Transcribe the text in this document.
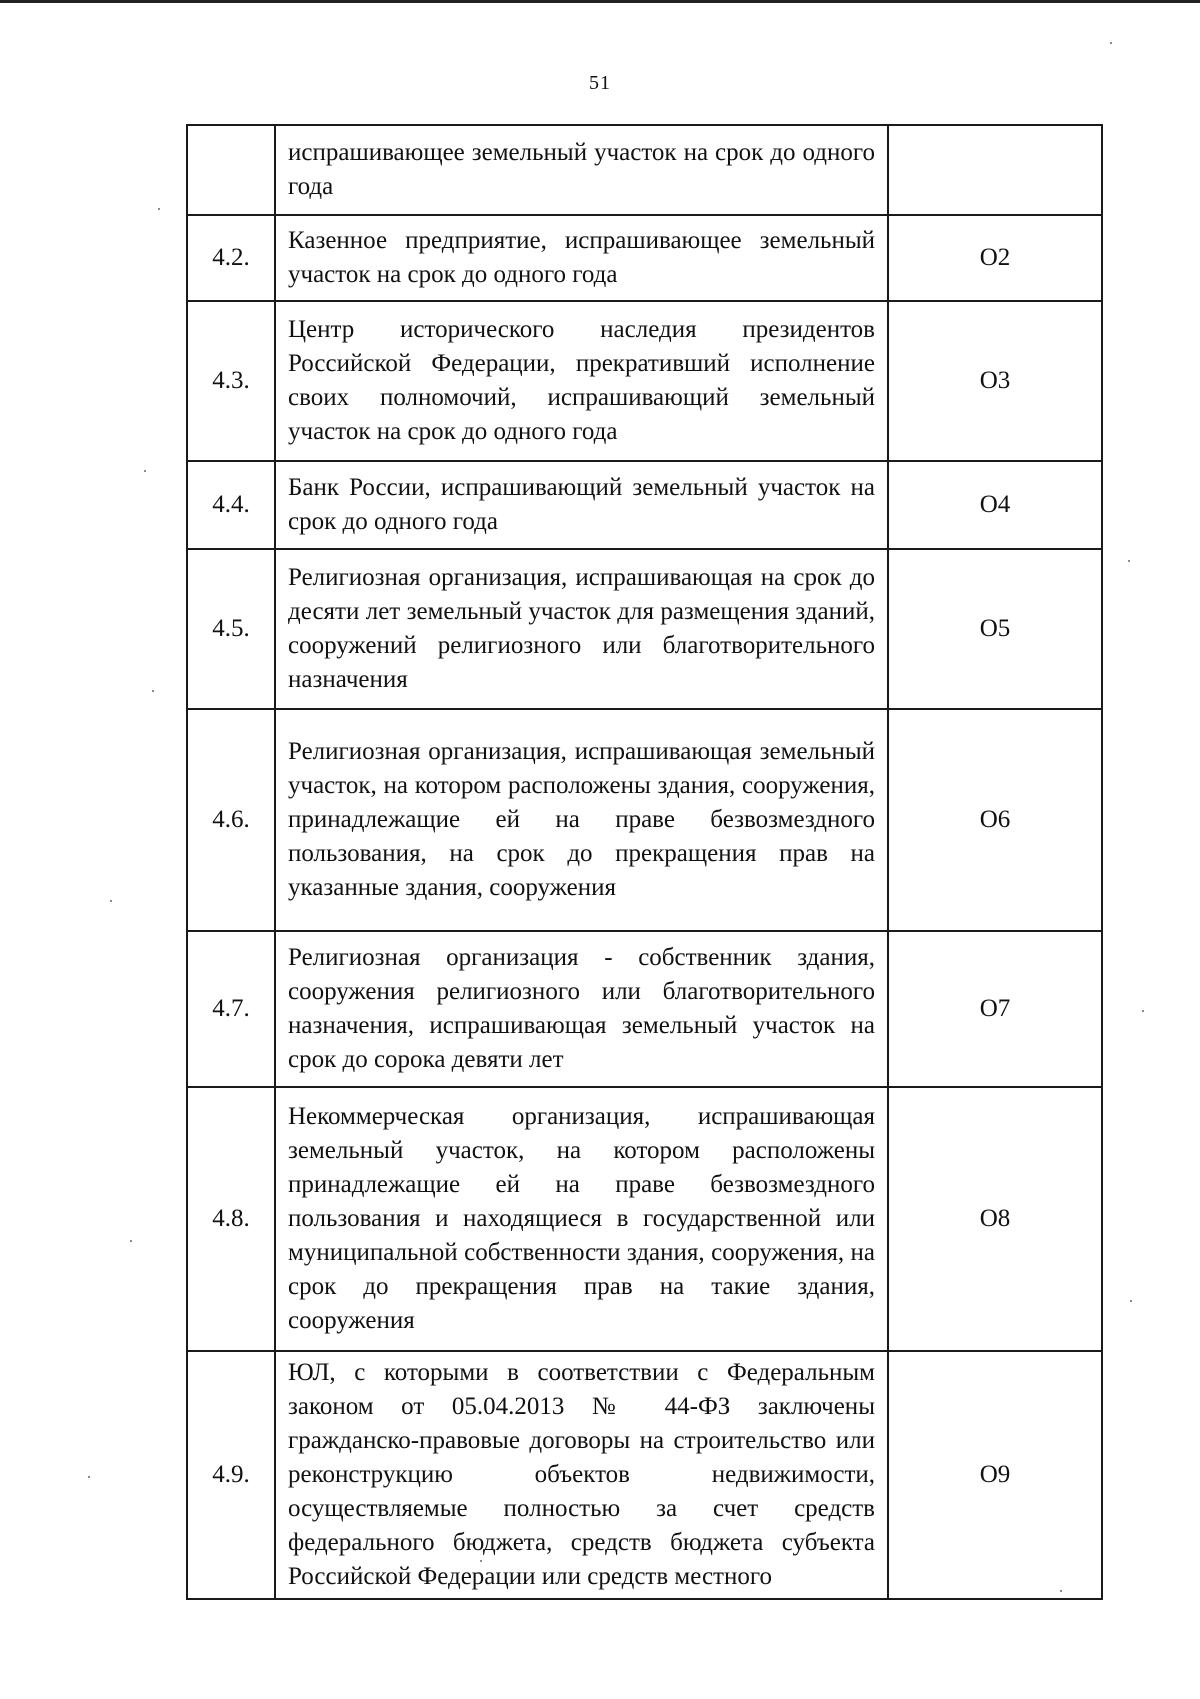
51
	испрашивающее земельный участок на срок до одного года	
4.2.	Казенное предприятие, испрашивающее земельный участок на срок до одного года	О2
4.3.	Центр исторического наследия президентов Российской Федерации, прекративший исполнение своих полномочий, испрашивающий земельный участок на срок до одного года	О3
4.4.	Банк России, испрашивающий земельный участок на срок до одного года	О4
4.5.	Религиозная организация, испрашивающая на срок до десяти лет земельный участок для размещения зданий, сооружений религиозного или благотворительного назначения	О5
4.6.	Религиозная организация, испрашивающая земельный участок, на котором расположены здания, сооружения, принадлежащие ей на праве безвозмездного пользования, на срок до прекращения прав на указанные здания, сооружения	О6
4.7.	Религиозная организация - собственник здания, сооружения религиозного или благотворительного назначения, испрашивающая земельный участок на срок до сорока девяти лет	О7
4.8.	Некоммерческая организация, испрашивающая земельный участок, на котором расположены принадлежащие ей на праве безвозмездного пользования и находящиеся в государственной или муниципальной собственности здания, сооружения, на срок до прекращения прав на такие здания, сооружения	О8
4.9.	ЮЛ, с которыми в соответствии с Федеральным законом от 05.04.2013 № 44-ФЗ заключены гражданско-правовые договоры на строительство или реконструкцию объектов недвижимости, осуществляемые полностью за счет средств федерального бюджета, средств бюджета субъекта Российской Федерации или средств местного	О9
